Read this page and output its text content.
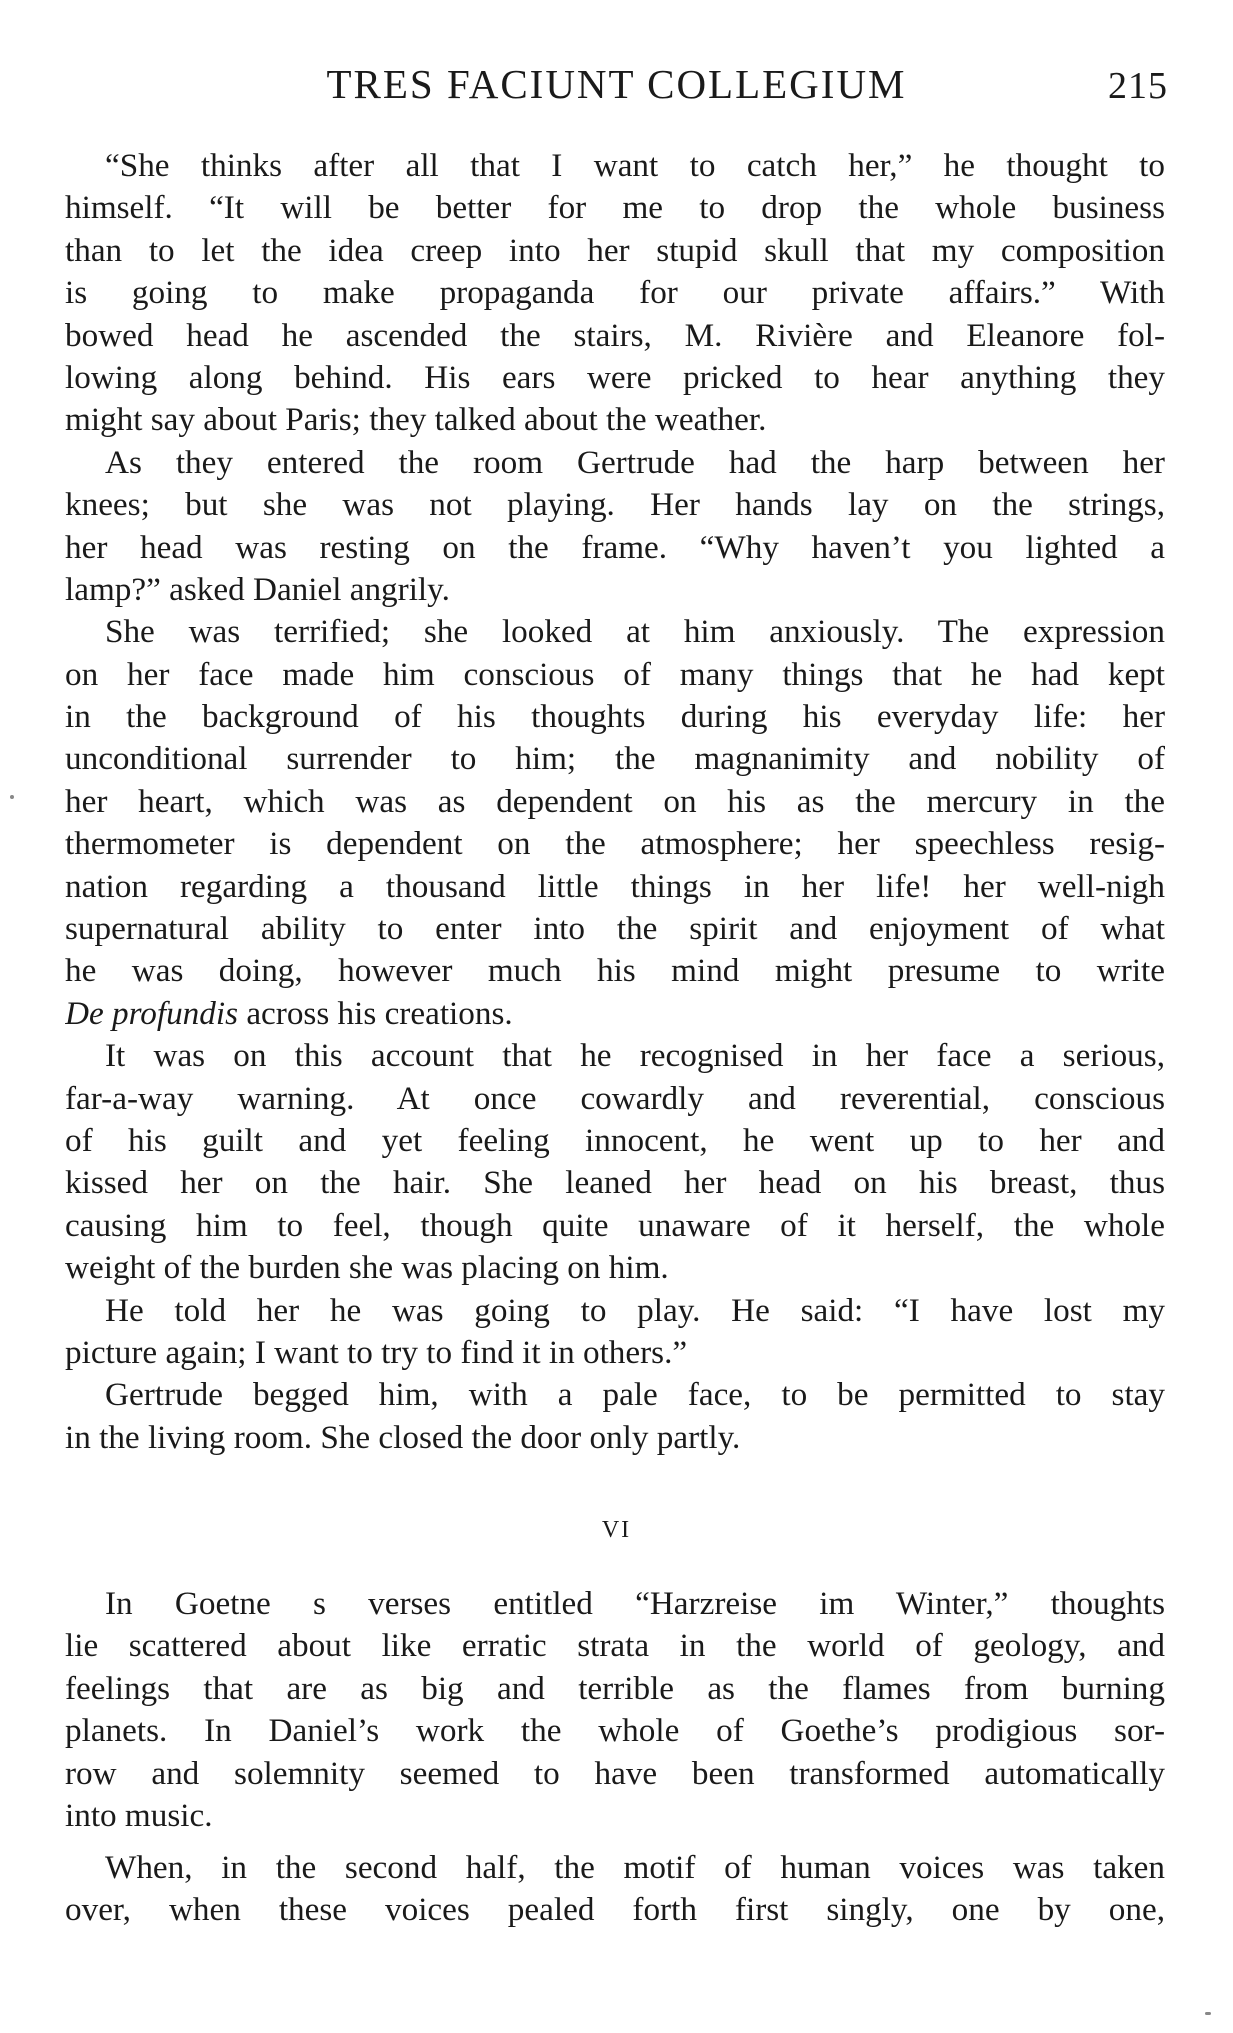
TRES FACIUNT COLLEGIUM	215
“She thinks after all that I want to catch her,” he thought to
himself. “It will be better for me to drop the whole business
than to let the idea creep into her stupid skull that my composition
is going to make propaganda for our private affairs.” With
bowed head he ascended the stairs, M. Rivière and Eleanore fol-
lowing along behind. His ears were pricked to hear anything they
might say about Paris; they talked about the weather.
As they entered the room Gertrude had the harp between her
knees; but she was not playing. Her hands lay on the strings,
her head was resting on the frame. “Why haven’t you lighted a
lamp?” asked Daniel angrily.
She was terrified; she looked at him anxiously. The expression
on her face made him conscious of many things that he had kept
in the background of his thoughts during his everyday life: her
unconditional surrender to him; the magnanimity and nobility of
her heart, which was as dependent on his as the mercury in the
thermometer is dependent on the atmosphere; her speechless resig-
nation regarding a thousand little things in her life! her well-nigh
supernatural ability to enter into the spirit and enjoyment of what
he was doing, however much his mind might presume to write
De profundis across his creations.
It was on this account that he recognised in her face a serious,
far-a-way warning. At once cowardly and reverential, conscious
of his guilt and yet feeling innocent, he went up to her and
kissed her on the hair. She leaned her head on his breast, thus
causing him to feel, though quite unaware of it herself, the whole
weight of the burden she was placing on him.
He told her he was going to play. He said: “I have lost my
picture again; I want to try to find it in others.”
Gertrude begged him, with a pale face, to be permitted to stay
in the living room. She closed the door only partly.
VI
In Goetne s verses entitled “Harzreise im Winter,” thoughts
lie scattered about like erratic strata in the world of geology, and
feelings that are as big and terrible as the flames from burning
planets. In Daniel’s work the whole of Goethe’s prodigious sor-
row and solemnity seemed to have been transformed automatically
into music.
When, in the second half, the motif of human voices was taken
over, when these voices pealed forth first singly, one by one,
